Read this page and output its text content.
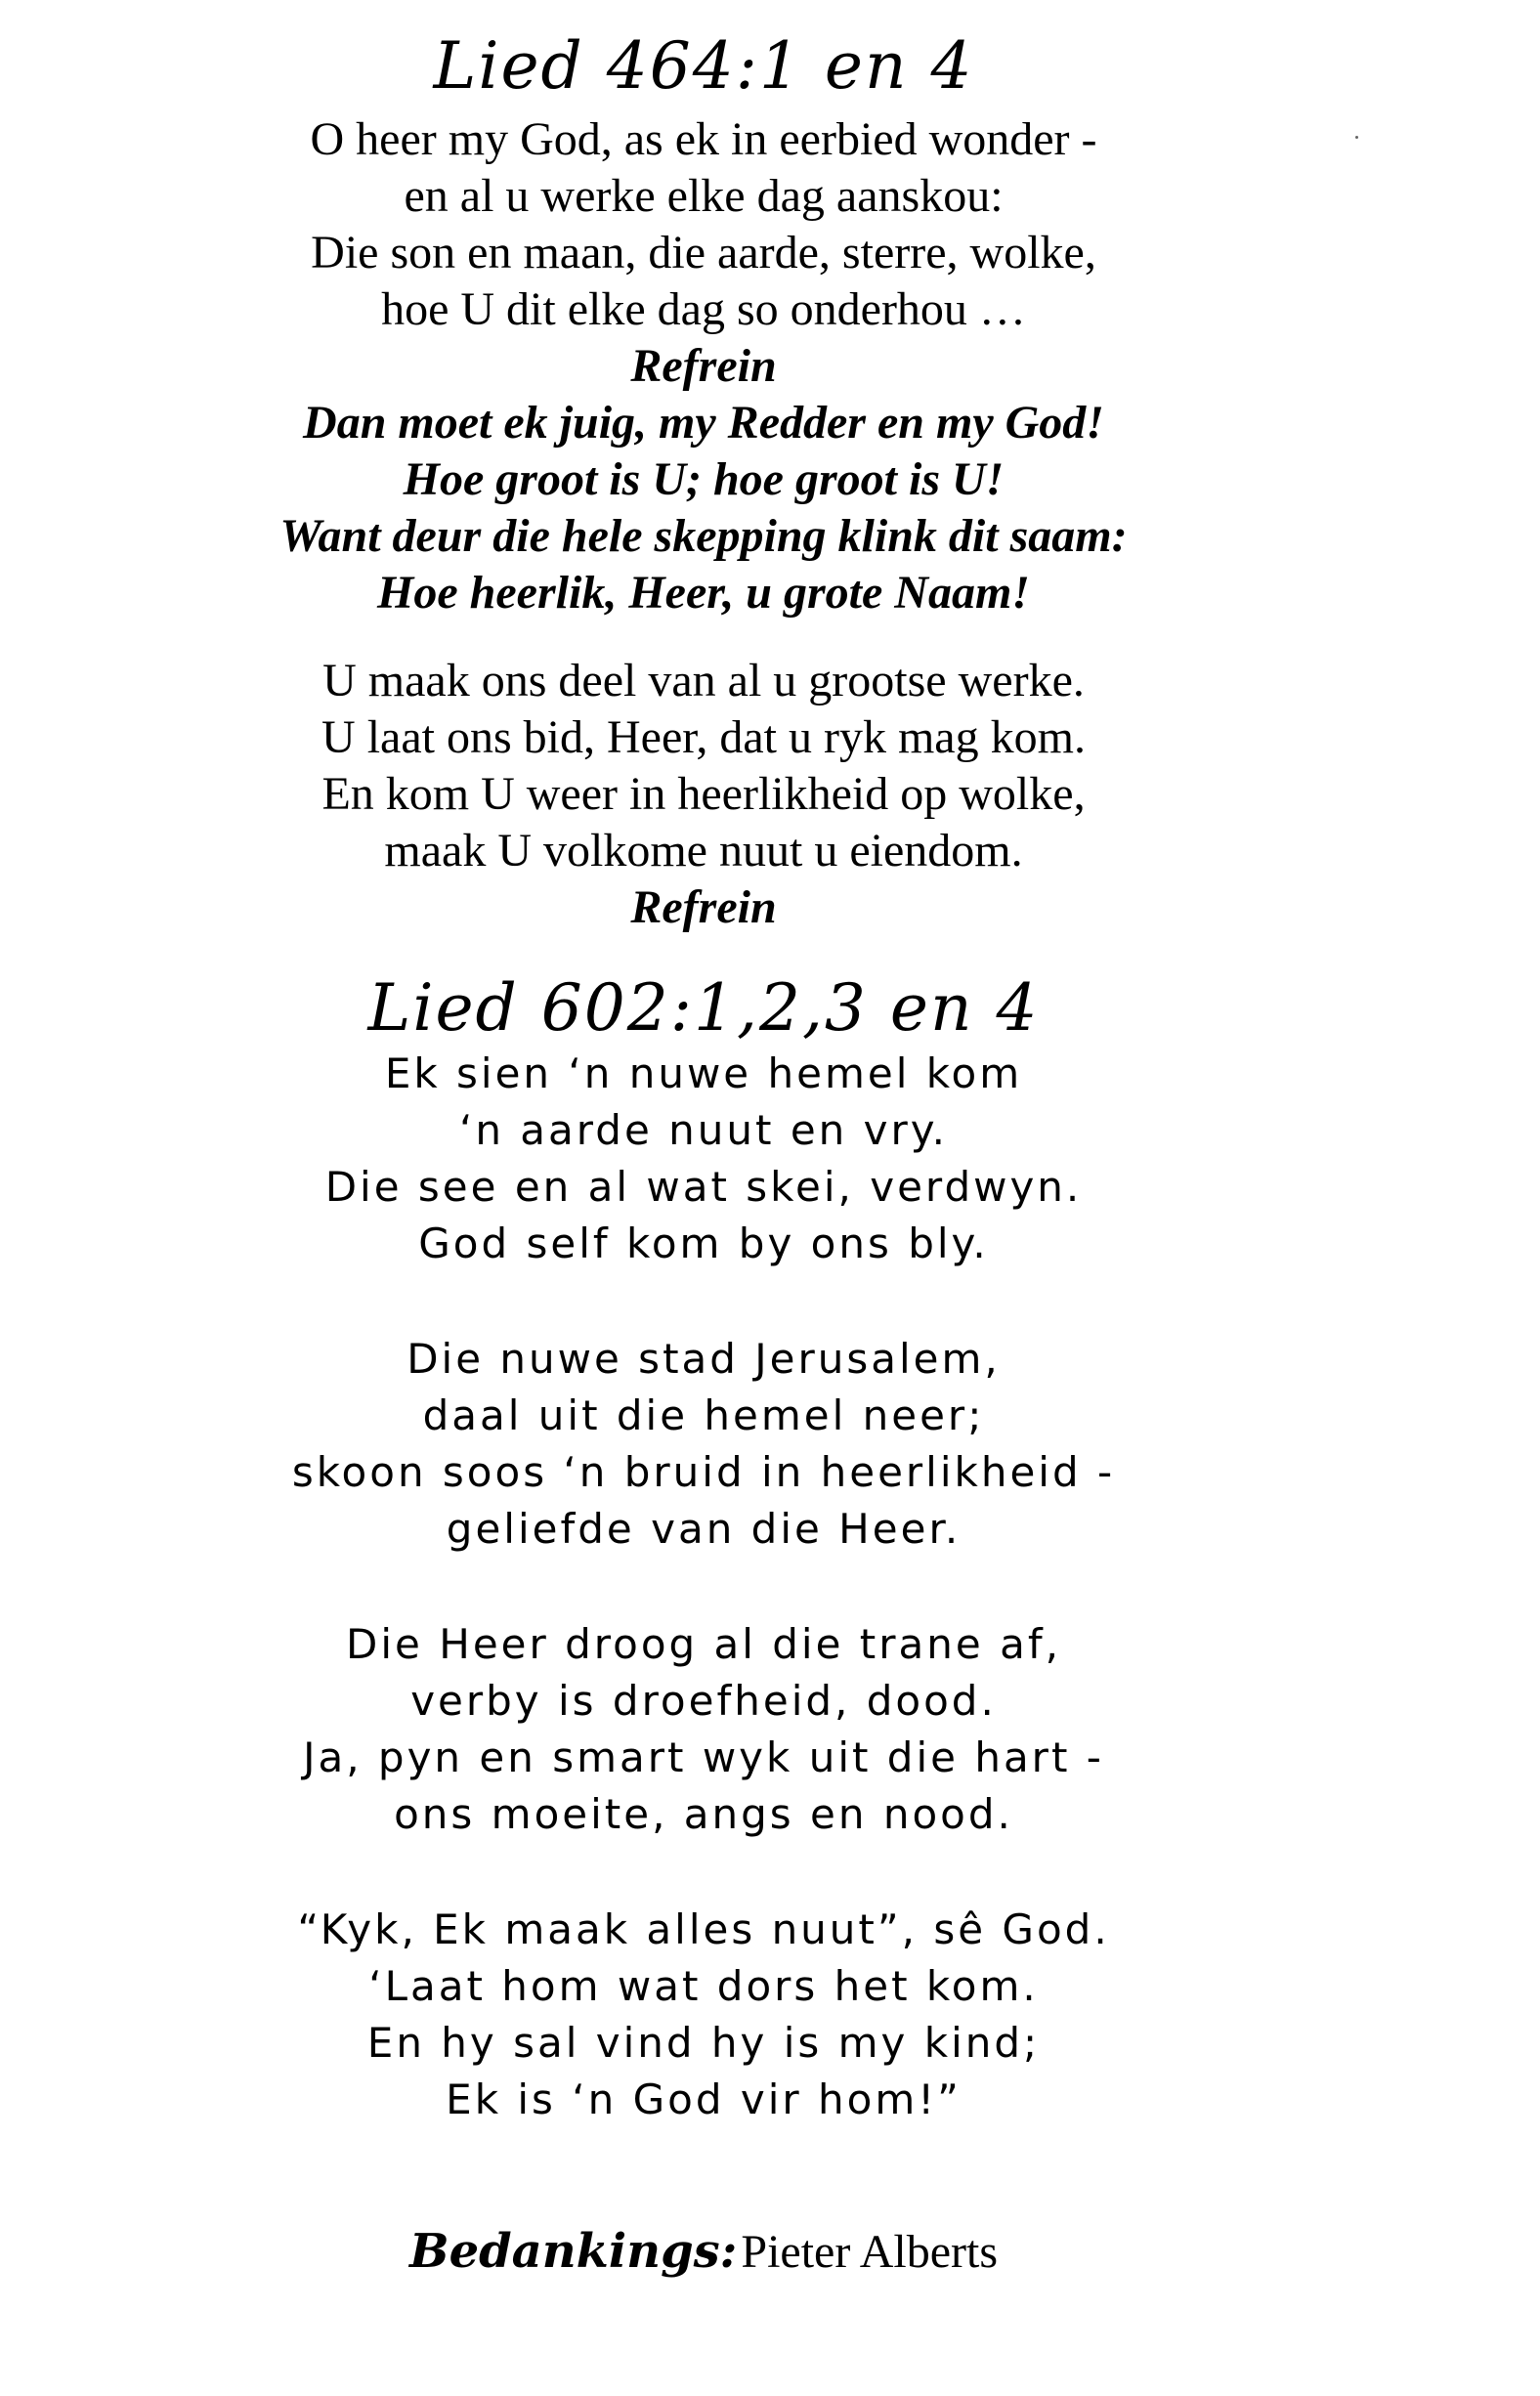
Lied 464:1 en 4
O heer my God, as ek in eerbied wonder -
en al u werke elke dag aanskou:
Die son en maan, die aarde, sterre, wolke,
hoe U dit elke dag so onderhou …
Refrein
Dan moet ek juig, my Redder en my God!
Hoe groot is U; hoe groot is U!
Want deur die hele skepping klink dit saam:
Hoe heerlik, Heer, u grote Naam!
U maak ons deel van al u grootse werke.
U laat ons bid, Heer, dat u ryk mag kom.
En kom U weer in heerlikheid op wolke,
maak U volkome nuut u eiendom.
Refrein
Lied 602:1,2,3 en 4
Ek sien ‘n nuwe hemel kom
‘n aarde nuut en vry.
Die see en al wat skei, verdwyn.
God self kom by ons bly.
Die nuwe stad Jerusalem,
daal uit die hemel neer;
skoon soos ‘n bruid in heerlikheid -
geliefde van die Heer.
Die Heer droog al die trane af,
verby is droefheid, dood.
Ja, pyn en smart wyk uit die hart -
ons moeite, angs en nood.
“Kyk, Ek maak alles nuut”, sê God.
‘Laat hom wat dors het kom.
En hy sal vind hy is my kind;
Ek is ‘n God vir hom!”
Bedankings: Pieter Alberts
